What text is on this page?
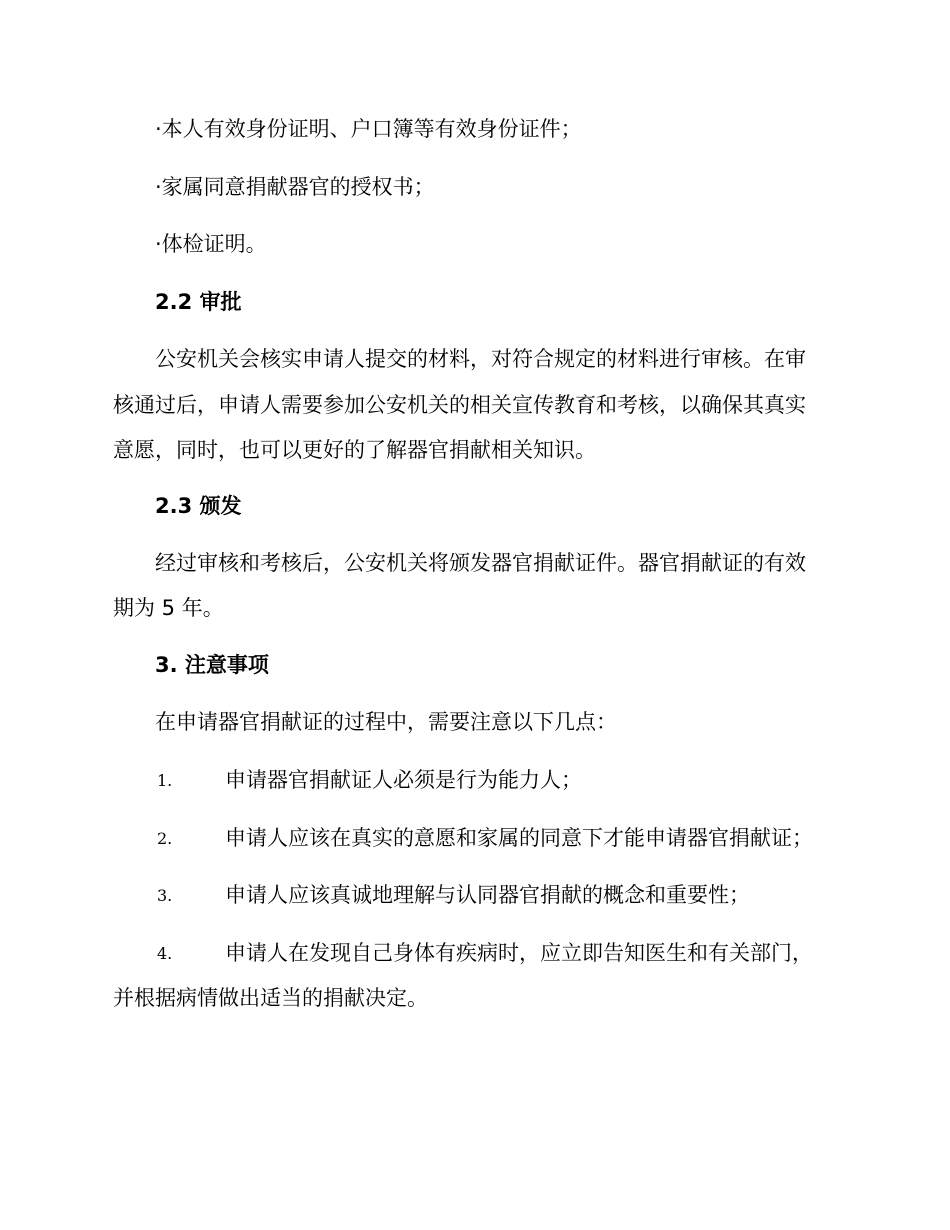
·本人有效身份证明、户口簿等有效身份证件；
·家属同意捐献器官的授权书；
·体检证明。
2.2 审批
公安机关会核实申请人提交的材料，对符合规定的材料进行审核。在审
核通过后，申请人需要参加公安机关的相关宣传教育和考核，以确保其真实
意愿，同时，也可以更好的了解器官捐献相关知识。
2.3 颁发
经过审核和考核后，公安机关将颁发器官捐献证件。器官捐献证的有效
期为 5 年。
3. 注意事项
在申请器官捐献证的过程中，需要注意以下几点：
1.	申请器官捐献证人必须是行为能力人；
2.	申请人应该在真实的意愿和家属的同意下才能申请器官捐献证；
3.	申请人应该真诚地理解与认同器官捐献的概念和重要性；
4.	申请人在发现自己身体有疾病时，应立即告知医生和有关部门，
并根据病情做出适当的捐献决定。
